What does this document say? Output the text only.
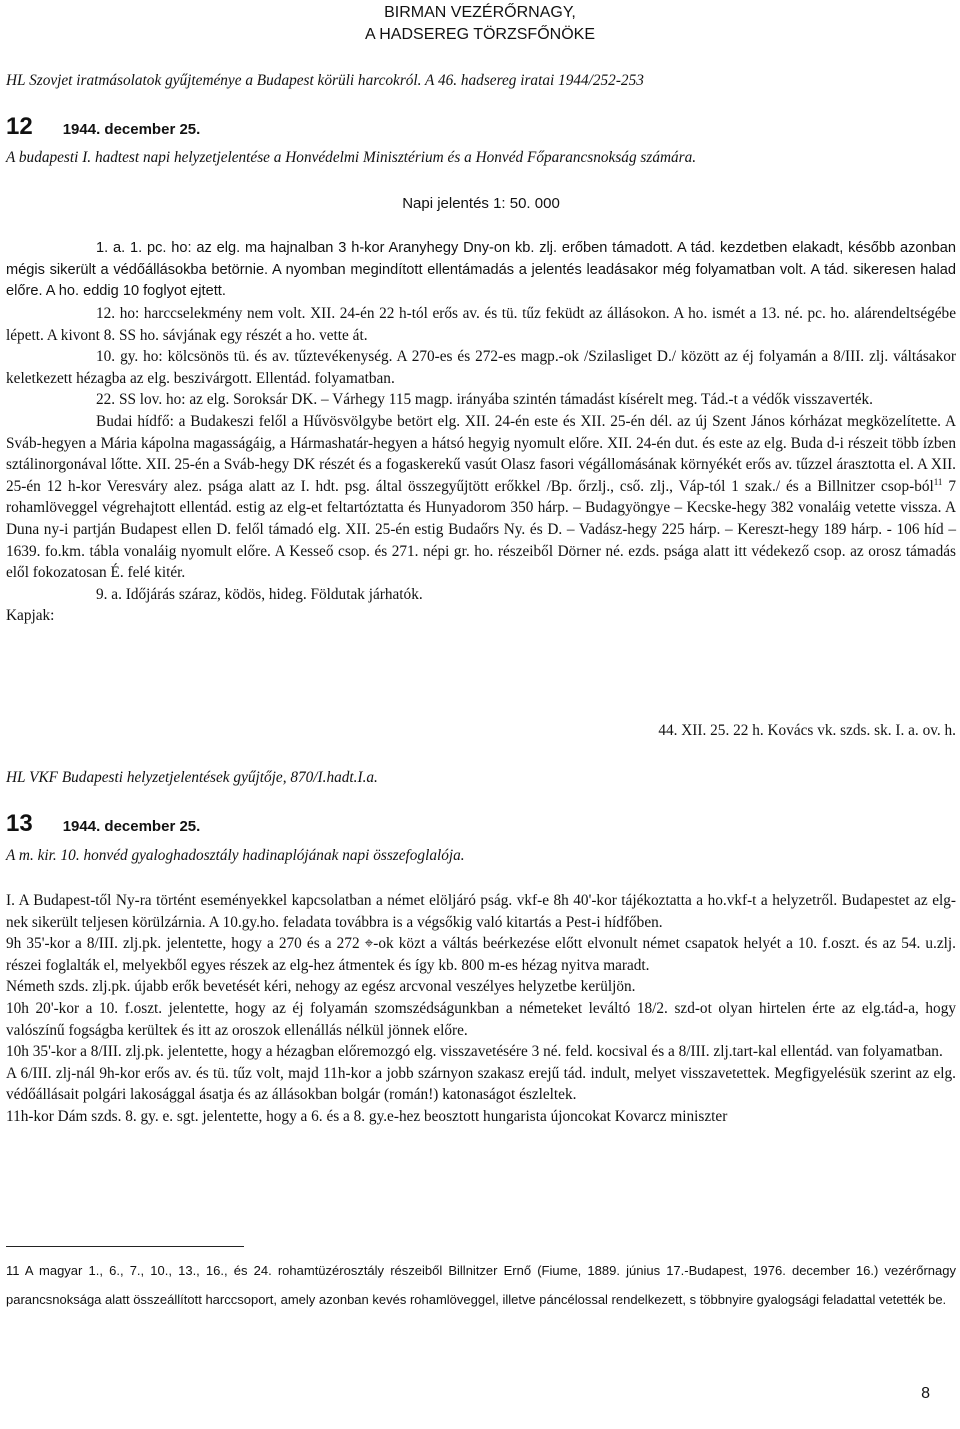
BIRMAN VEZÉRŐRNAGY,
A HADSEREG TÖRZSFŐNÖKE
HL Szovjet iratmásolatok gyűjteménye a Budapest körüli harcokról. A 46. hadsereg iratai 1944/252-253
12 1944. december 25.
A budapesti I. hadtest napi helyzetjelentése a Honvédelmi Minisztérium és a Honvéd Főparancsnokság számára.
Napi jelentés 1: 50. 000
1. a. 1. pc. ho: az elg. ma hajnalban 3 h-kor Aranyhegy Dny-on kb. zlj. erőben támadott. A tád. kezdetben elakadt, később azonban mégis sikerült a védőállásokba betörnie. A nyomban megindított ellentámadás a jelentés leadásakor még folyamatban volt. A tád. sikeresen halad előre. A ho. eddig 10 foglyot ejtett.

12. ho: harccselekmény nem volt. XII. 24-én 22 h-tól erős av. és tü. tűz feküdt az állásokon. A ho. ismét a 13. né. pc. ho. alárendeltségébe lépett. A kivont 8. SS ho. sávjának egy részét a ho. vette át.

10. gy. ho: kölcsönös tü. és av. tűztevékenység. A 270-es és 272-es magp.-ok /Szilasliget D./ között az éj folyamán a 8/III. zlj. váltásakor keletkezett hézagba az elg. beszivárgott. Ellentád. folyamatban.

22. SS lov. ho: az elg. Soroksár DK. – Várhegy 115 magp. irányába szintén támadást kísérelt meg. Tád.-t a védők visszaverték.

Budai hídfő: a Budakeszi felől a Hűvösvölgybe betört elg. XII. 24-én este és XII. 25-én dél. az új Szent János kórházat megközelítette. A Sváb-hegyen a Mária kápolna magasságáig, a Hármashatár-hegyen a hátsó hegyig nyomult előre. XII. 24-én dut. és este az elg. Buda d-i részeit több ízben sztálinorgonával lőtte. XII. 25-én a Sváb-hegy DK részét és a fogaskerekű vasút Olasz fasori végállomásának környékét erős av. tűzzel árasztotta el. A XII. 25-én 12 h-kor Veresváry alez. psága alatt az I. hdt. psg. által összegyűjtött erőkkel /Bp. őrzlj., cső. zlj., Váp-tól 1 szak./ és a Billnitzer csop-ból$^{11}$ 7 rohamlöveggel végrehajtott ellentád. estig az elg-et feltartóztatta és Hunyadorom 350 hárp. – Budagyöngye – Kecske-hegy 382 vonaláig vetette vissza. A Duna ny-i partján Budapest ellen D. felől támadó elg. XII. 25-én estig Budaőrs Ny. és D. – Vadász-hegy 225 hárp. – Kereszt-hegy 189 hárp. - 106 híd – 1639. fo.km. tábla vonaláig nyomult előre. A Kesseő csop. és 271. népi gr. ho. részeiből Dörner né. ezds. psága alatt itt védekező csop. az orosz támadás elől fokozatosan É. felé kitér.

9. a. Időjárás száraz, ködös, hideg. Földutak járhatók.

Kapjak:

44. XII. 25. 22 h. Kovács vk. szds. sk. I. a. ov. h.
HL VKF Budapesti helyzetjelentések gyűjtője, 870/I.hadt.I.a.
13 1944. december 25.
A m. kir. 10. honvéd gyaloghadosztály hadinaplójának napi összefoglalója.

I. A Budapest-től Ny-ra történt eseményekkel kapcsolatban a német elöljáró pság. vkf-e 8h 40'-kor tájékoztatta a ho.vkf-t a helyzetről. Budapestet az elg-nek sikerült teljesen körülzárnia. A 10.gy.ho. feladata továbbra is a végsőkig való kitartás a Pest-i hídfőben.

9h 35'-kor a 8/III. zlj.pk. jelentette, hogy a 270 és a 272 ⌖-ok közt a váltás beérkezése előtt elvonult német csapatok helyét a 10. f.oszt. és az 54. u.zlj. részei foglalták el, melyekből egyes részek az elg-hez átmentek és így kb. 800 m-es hézag nyitva maradt.

Németh szds. zlj.pk. újabb erők bevetését kéri, nehogy az egész arcvonal veszélyes helyzetbe kerüljön.

10h 20'-kor a 10. f.oszt. jelentette, hogy az éj folyamán szomszédságunkban a németeket leváltó 18/2. szd-ot olyan hirtelen érte az elg.tád-a, hogy valószínű fogságba kerültek és itt az oroszok ellenállás nélkül jönnek előre.

10h 35'-kor a 8/III. zlj.pk. jelentette, hogy a hézagban előremozgó elg. visszavetésére 3 né. feld. kocsival és a 8/III. zlj.tart-kal ellentád. van folyamatban.

A 6/III. zlj-nál 9h-kor erős av. és tü. tűz volt, majd 11h-kor a jobb szárnyon szakasz erejű tád. indult, melyet visszavetettek. Megfigyelésük szerint az elg. védőállásait polgári lakosággal ásatja és az állásokban bolgár (román!) katonaságot észleltek.

11h-kor Dám szds. 8. gy. e. sgt. jelentette, hogy a 6. és a 8. gy.e-hez beosztott hungarista újoncokat Kovarcz miniszter

11 A magyar 1., 6., 7., 10., 13., 16., és 24. rohamtüzérosztály részeiből Billnitzer Ernő (Fiume, 1889. június 17.-Budapest, 1976. december 16.) vezérőrnagy parancsnoksága alatt összeállított harccsoport, amely azonban kevés rohamlöveggel, illetve páncélossal rendelkezett, s többnyire gyalogsági feladattal vetették be.
8
